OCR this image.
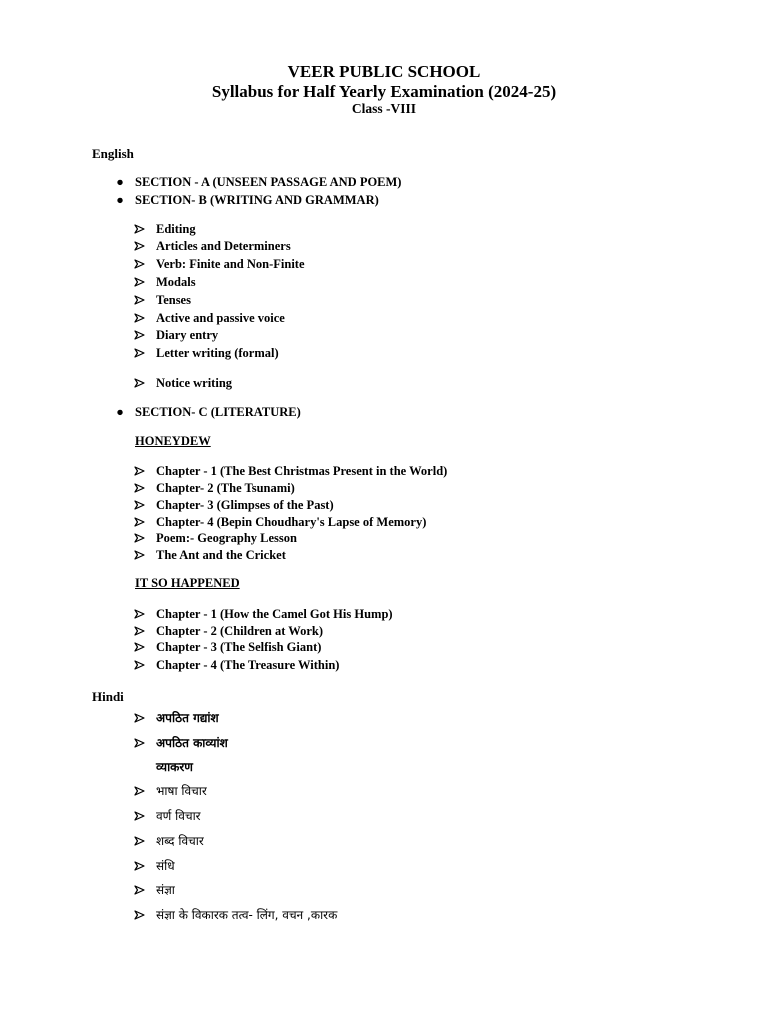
VEER PUBLIC SCHOOL
Syllabus for Half Yearly Examination (2024-25)
Class -VIII
English
● SECTION - A (UNSEEN PASSAGE AND POEM)
● SECTION- B (WRITING AND GRAMMAR)
Editing
Articles and Determiners
Verb: Finite and Non-Finite
Modals
Tenses
Active and passive voice
Diary entry
Letter writing (formal)
Notice writing
● SECTION- C (LITERATURE)
HONEYDEW
Chapter - 1 (The Best Christmas Present in the World)
Chapter- 2 (The Tsunami)
Chapter- 3 (Glimpses of the Past)
Chapter- 4 (Bepin Choudhary's Lapse of Memory)
Poem:- Geography Lesson
The Ant and the Cricket
IT SO HAPPENED
Chapter - 1 (How the Camel Got His Hump)
Chapter - 2 (Children at Work)
Chapter - 3 (The Selfish Giant)
Chapter - 4 (The Treasure Within)
Hindi
अपठित गद्यांश
अपठित काव्यांश
व्याकरण
भाषा विचार
वर्ण विचार
शब्द विचार
संधि
संज्ञा
संज्ञा के विकारक तत्व- लिंग, वचन ,कारक
